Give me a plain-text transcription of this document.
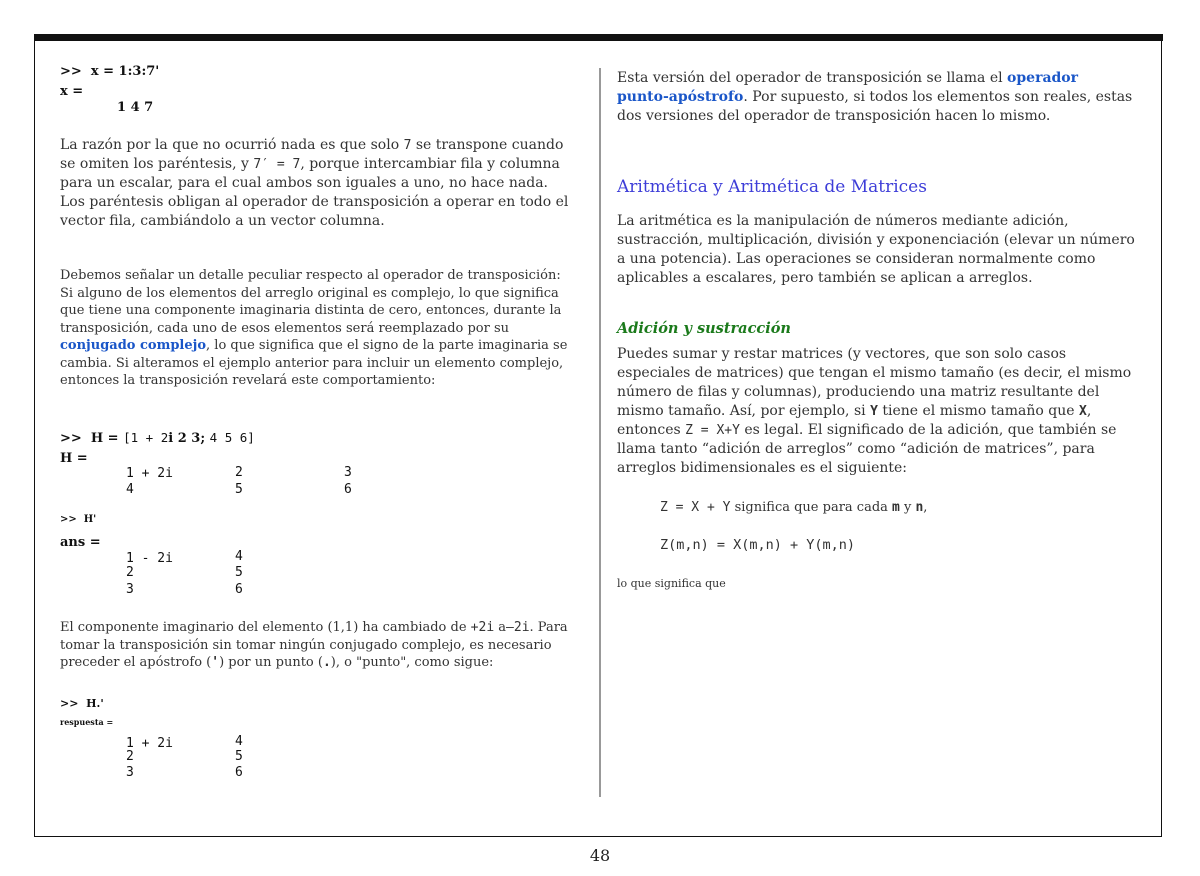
>> x = 1:3:7'
x =
1 4 7
La razón por la que no ocurrió nada es que solo 7 se transpone cuando se omiten los paréntesis, y 7′ = 7, porque intercambiar fila y columna para un escalar, para el cual ambos son iguales a uno, no hace nada. Los paréntesis obligan al operador de transposición a operar en todo el vector fila, cambiándolo a un vector columna.
Debemos señalar un detalle peculiar respecto al operador de transposición: Si alguno de los elementos del arreglo original es complejo, lo que significa que tiene una componente imaginaria distinta de cero, entonces, durante la transposición, cada uno de esos elementos será reemplazado por su conjugado complejo, lo que significa que el signo de la parte imaginaria se cambia. Si alteramos el ejemplo anterior para incluir un elemento complejo, entonces la transposición revelará este comportamiento:
>> H = [1 + 2i 2 3; 4 5 6]
H =
1 + 2i	2	3
4	5	6
>> H'
ans =
1 - 2i	4
2	5
3	6
El componente imaginario del elemento (1,1) ha cambiado de +2i a–2i. Para tomar la transposición sin tomar ningún conjugado complejo, es necesario preceder el apóstrofo (') por un punto (.), o "punto", como sigue:
>> H.'
respuesta =
1 + 2i	4
2	5
3	6
Esta versión del operador de transposición se llama el operador
punto-apóstrofo. Por supuesto, si todos los elementos son reales, estas dos versiones del operador de transposición hacen lo mismo.
Aritmética y Aritmética de Matrices
La aritmética es la manipulación de números mediante adición, sustracción, multiplicación, división y exponenciación (elevar un número a una potencia). Las operaciones se consideran normalmente como aplicables a escalares, pero también se aplican a arreglos.
Adición y sustracción
Puedes sumar y restar matrices (y vectores, que son solo casos especiales de matrices) que tengan el mismo tamaño (es decir, el mismo número de filas y columnas), produciendo una matriz resultante del mismo tamaño. Así, por ejemplo, si Y tiene el mismo tamaño que X, entonces Z = X+Y es legal. El significado de la adición, que también se llama tanto “adición de arreglos” como “adición de matrices”, para arreglos bidimensionales es el siguiente:
Z = X + Y significa que para cada m y n,
Z(m,n) = X(m,n) + Y(m,n)
lo que significa que
48
